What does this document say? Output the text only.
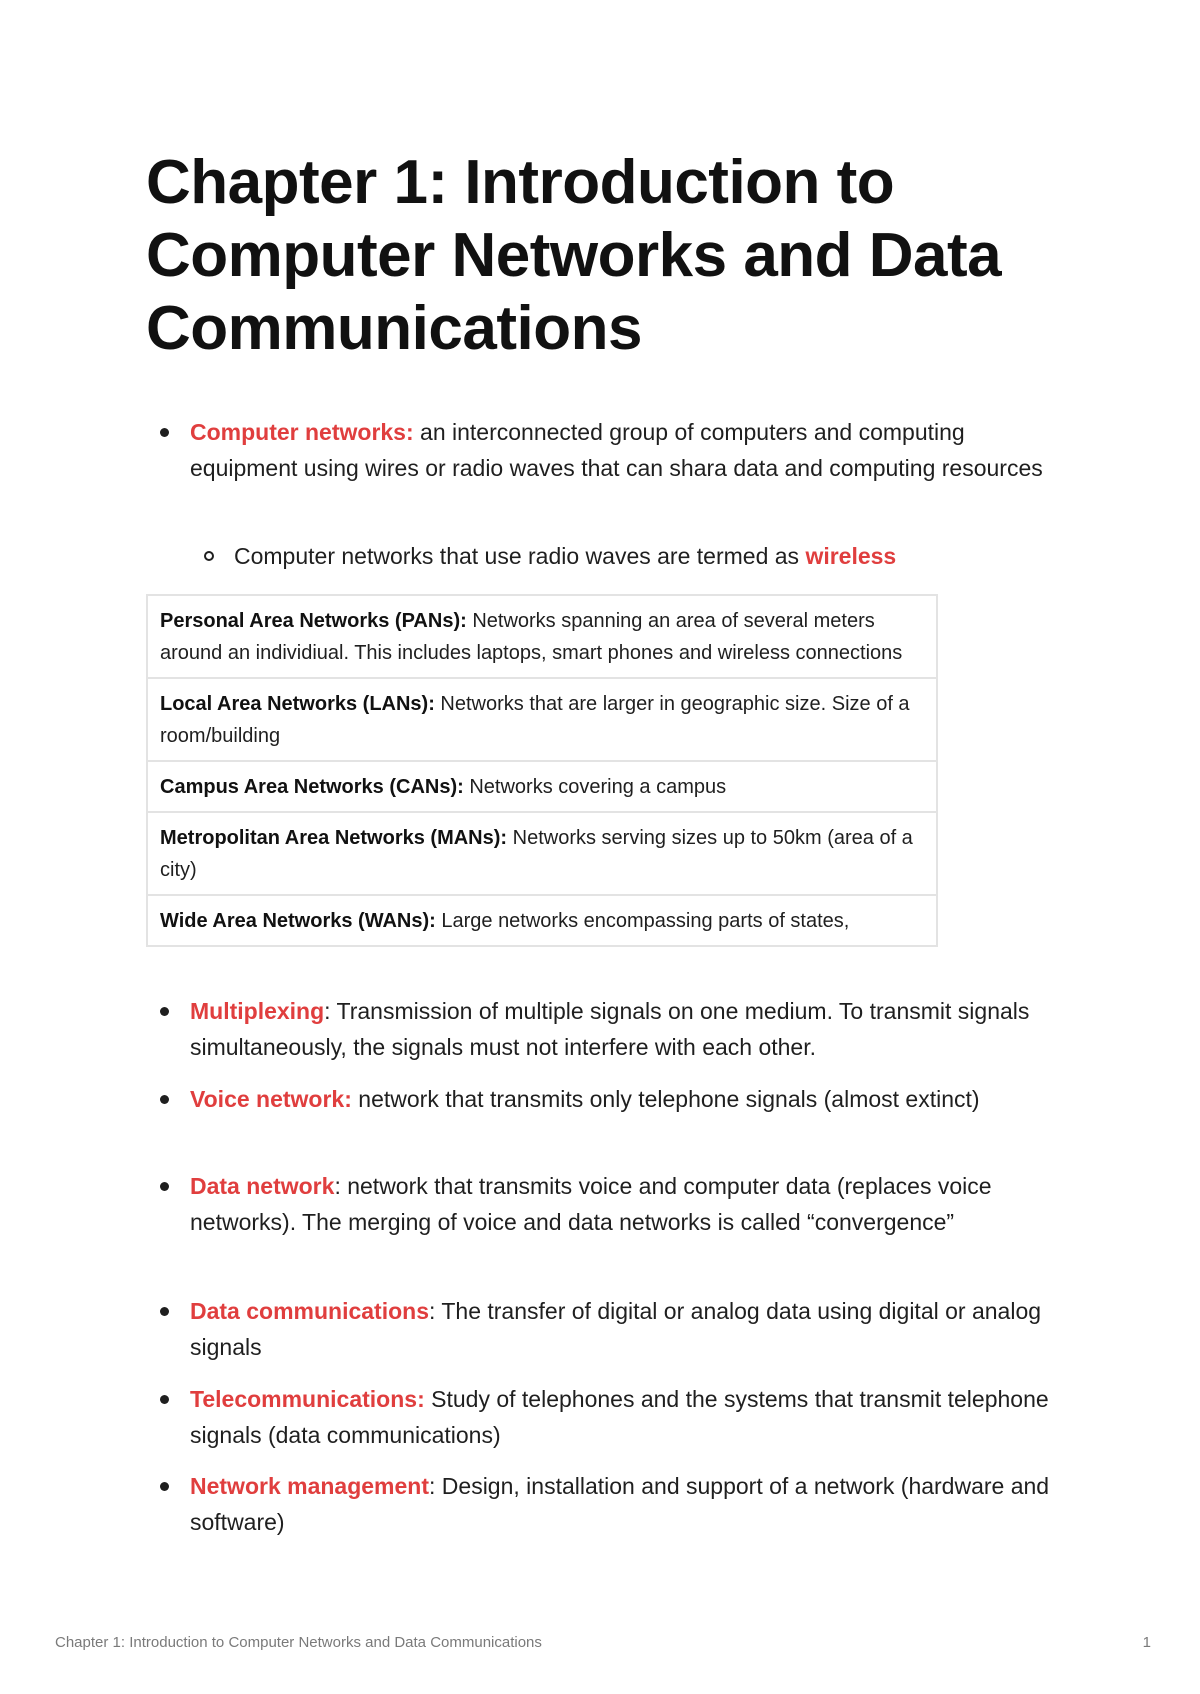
Chapter 1: Introduction to Computer Networks and Data Communications
Computer networks: an interconnected group of computers and computing equipment using wires or radio waves that can shara data and computing resources
Computer networks that use radio waves are termed as wireless
Personal Area Networks (PANs): Networks spanning an area of several meters around an individiual. This includes laptops, smart phones and wireless connections
Local Area Networks (LANs): Networks that are larger in geographic size. Size of a room/building
Campus Area Networks (CANs): Networks covering a campus
Metropolitan Area Networks (MANs): Networks serving sizes up to 50km (area of a city)
Wide Area Networks (WANs): Large networks encompassing parts of states,
Multiplexing: Transmission of multiple signals on one medium. To transmit signals simultaneously, the signals must not interfere with each other.
Voice network: network that transmits only telephone signals (almost extinct)
Data network: network that transmits voice and computer data (replaces voice networks). The merging of voice and data networks is called “convergence”
Data communications: The transfer of digital or analog data using digital or analog signals
Telecommunications: Study of telephones and the systems that transmit telephone signals (data communications)
Network management: Design, installation and support of a network (hardware and software)
Chapter 1: Introduction to Computer Networks and Data Communications	1
